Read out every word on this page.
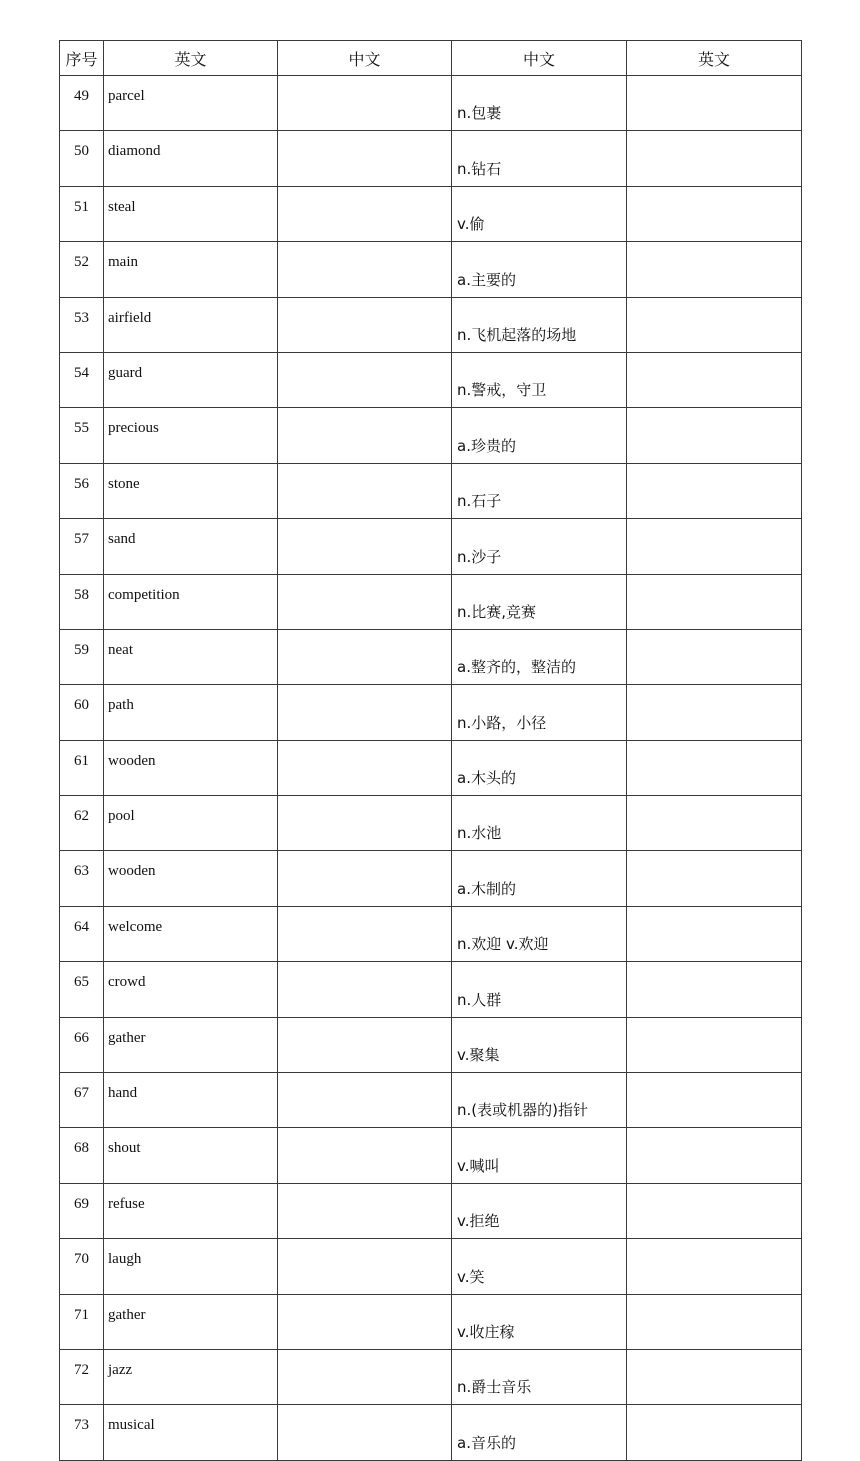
序号	英文	中文	中文	英文
49	parcel		n.包裹	
50	diamond		n.钻石	
51	steal		v.偷	
52	main		a.主要的	
53	airfield		n.飞机起落的场地	
54	guard		n.警戒，守卫	
55	precious		a.珍贵的	
56	stone		n.石子	
57	sand		n.沙子	
58	competition		n.比赛,竞赛	
59	neat		a.整齐的，整洁的	
60	path		n.小路，小径	
61	wooden		a.木头的	
62	pool		n.水池	
63	wooden		a.木制的	
64	welcome		n.欢迎 v.欢迎	
65	crowd		n.人群	
66	gather		v.聚集	
67	hand		n.(表或机器的)指针	
68	shout		v.喊叫	
69	refuse		v.拒绝	
70	laugh		v.笑	
71	gather		v.收庄稼	
72	jazz		n.爵士音乐	
73	musical		a.音乐的	
